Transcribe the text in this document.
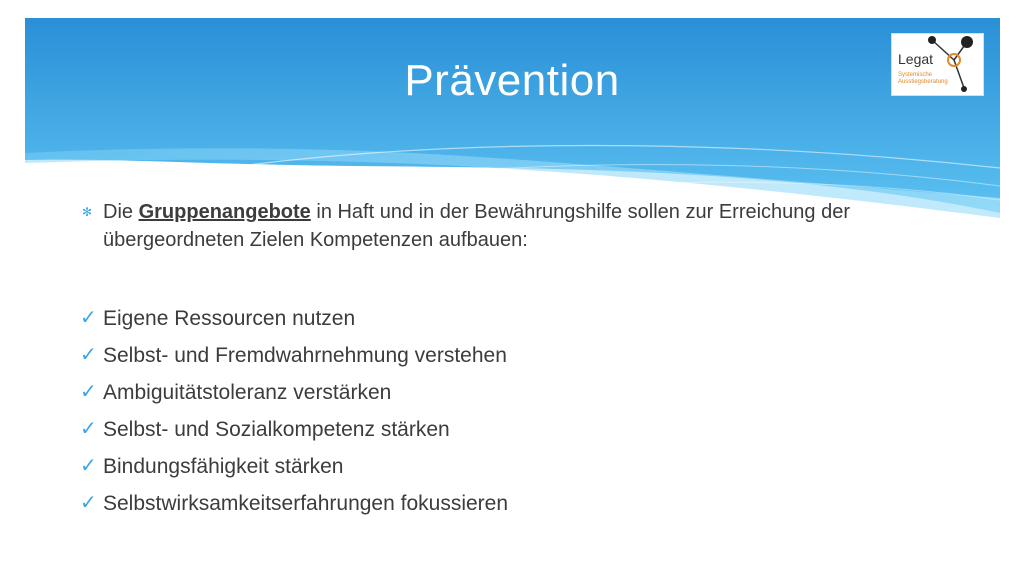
Prävention	Legat
Systemische
Ausstiegsberatung
✻ Die Gruppenangebote in Haft und in der Bewährungshilfe sollen zur Erreichung der übergeordneten Zielen Kompetenzen aufbauen:
✓ Eigene Ressourcen nutzen
✓ Selbst- und Fremdwahrnehmung verstehen
✓ Ambiguitätstoleranz verstärken
✓ Selbst- und Sozialkompetenz stärken
✓ Bindungsfähigkeit stärken
✓ Selbstwirksamkeitserfahrungen fokussieren
